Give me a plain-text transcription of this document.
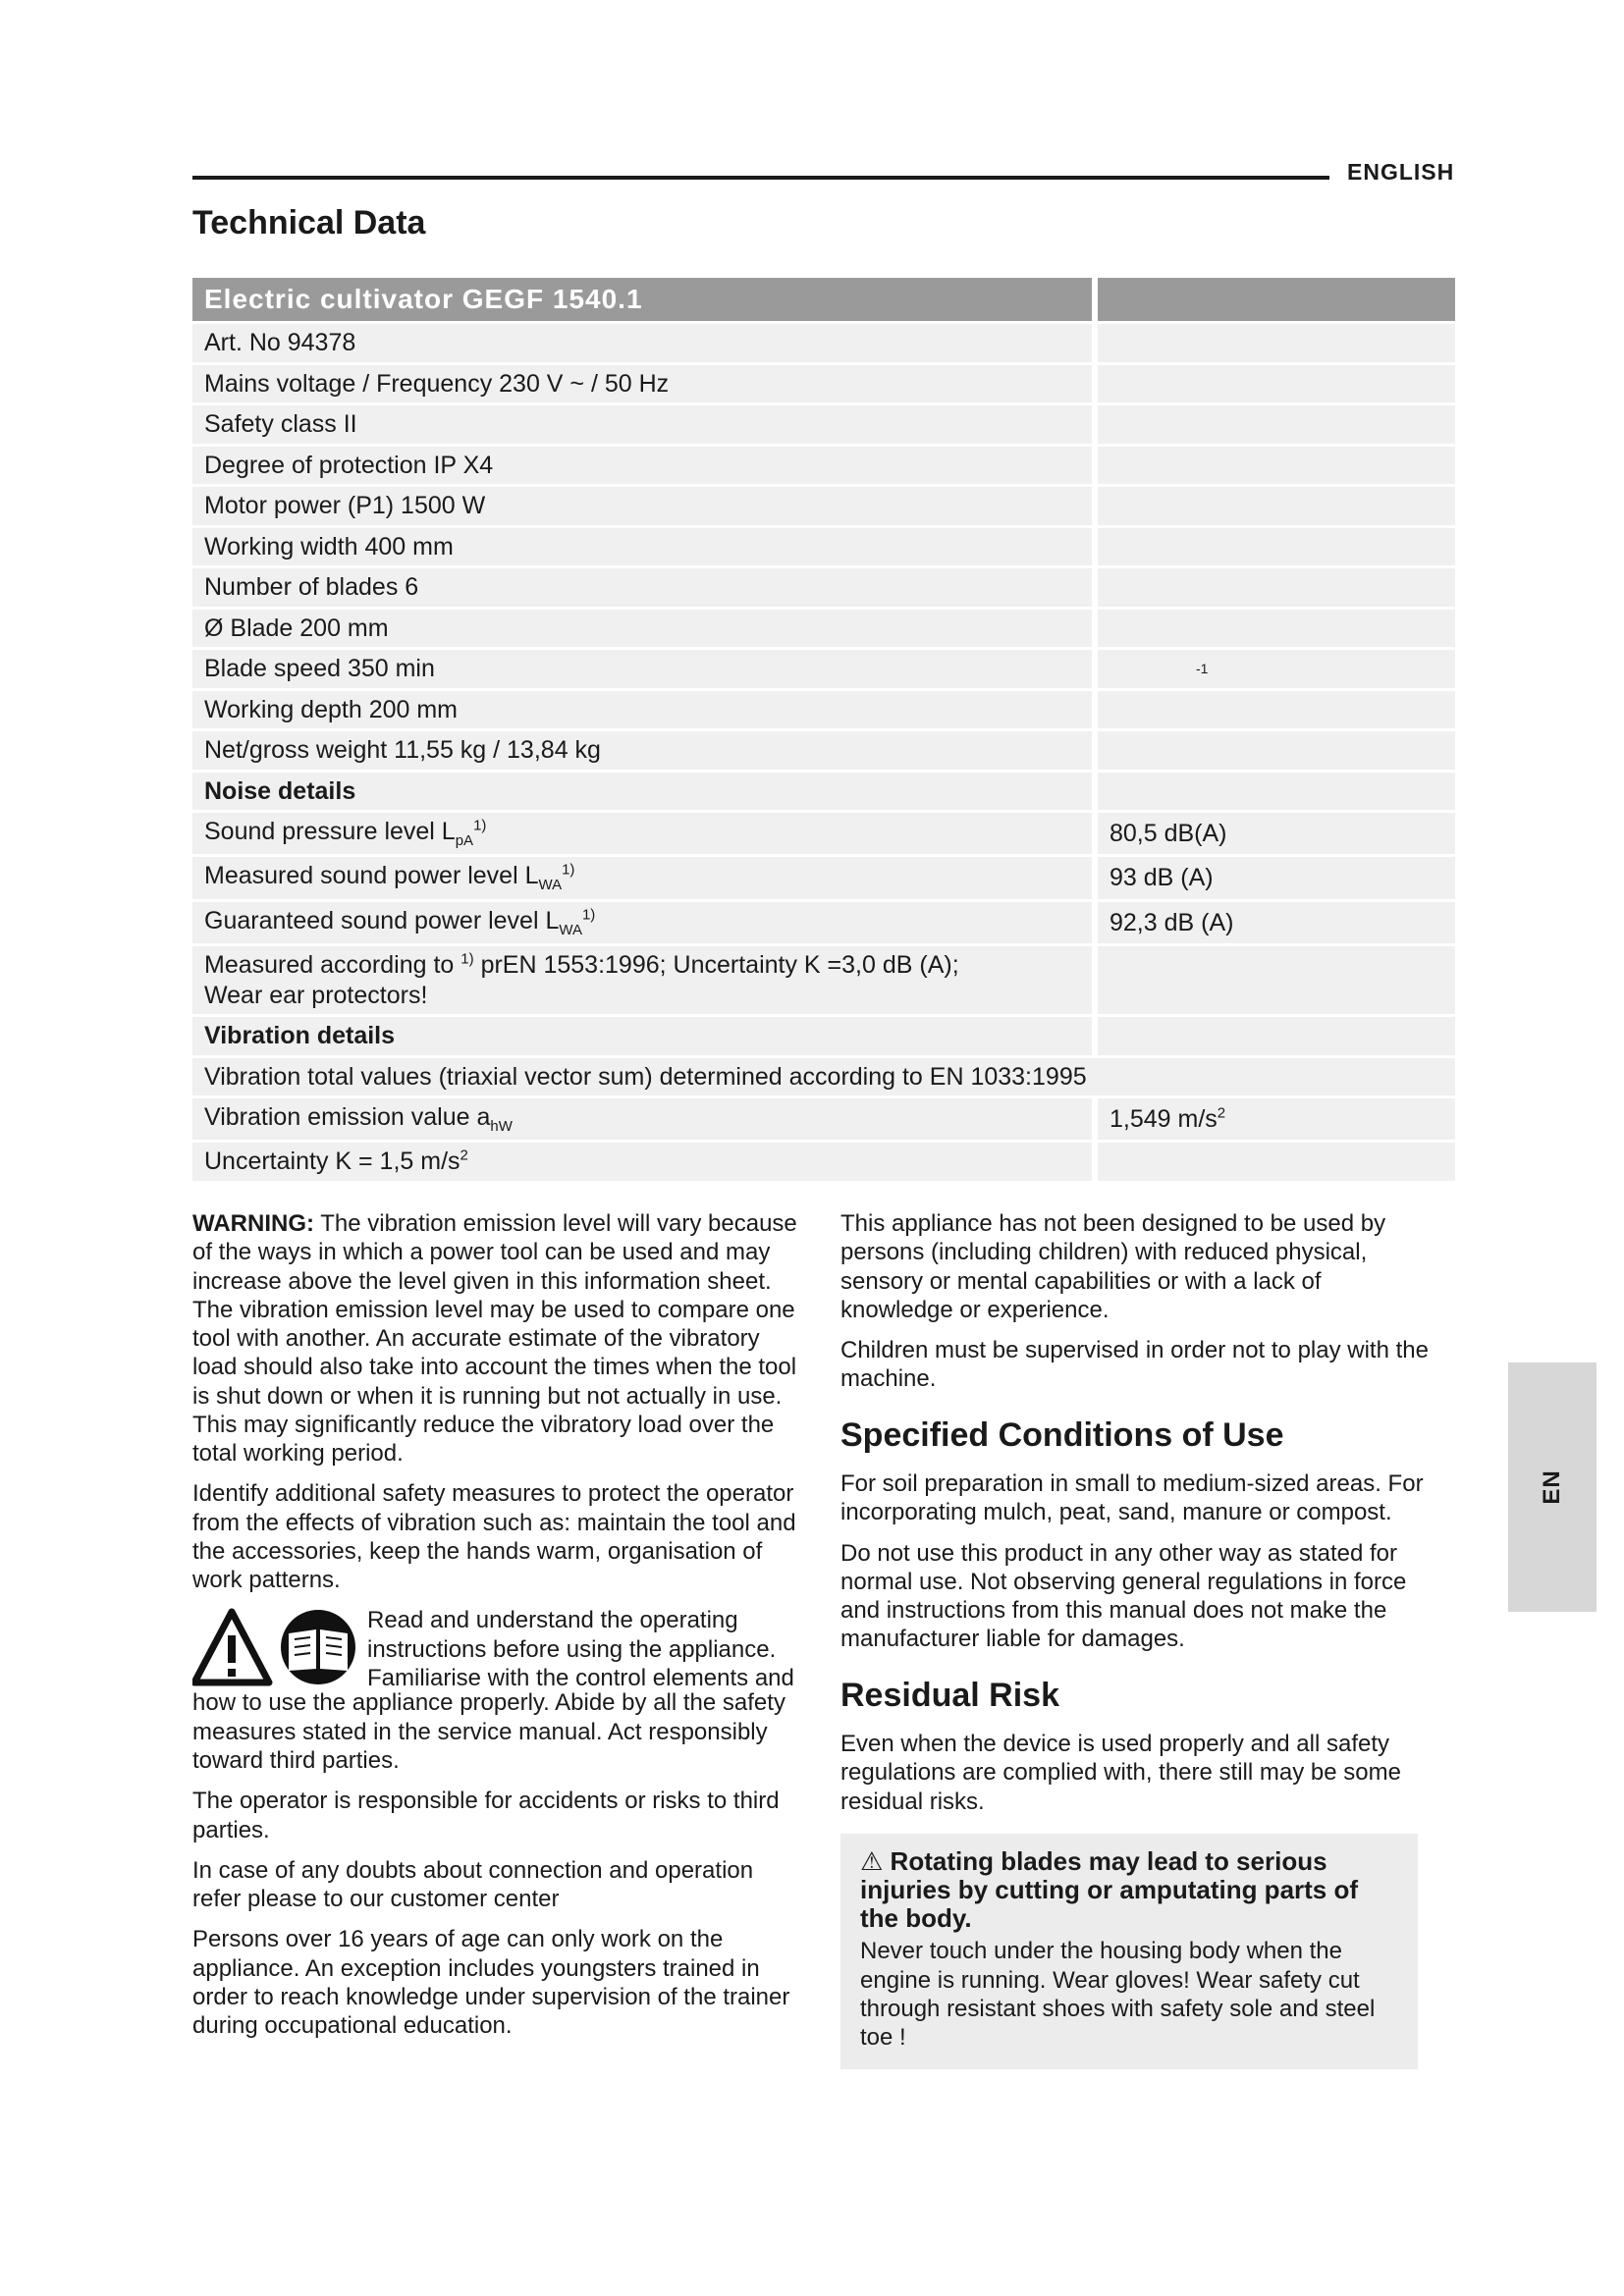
ENGLISH
Technical Data
Electric cultivator GEGF 1540.1	
Art. No 94378	
Mains voltage / Frequency 230 V ~ / 50 Hz	
Safety class II	
Degree of protection IP X4	
Motor power (P1) 1500 W	
Working width 400 mm	
Number of blades 6	
Ø Blade 200 mm	
Blade speed 350 min	-1
Working depth 200 mm	
Net/gross weight 11,55 kg / 13,84 kg	
Noise details	
Sound pressure level $L_{pA}^{1)}$	80,5 dB(A)
Measured sound power level $L_{WA}^{1)}$	93 dB (A)
Guaranteed sound power level $L_{WA}^{1)}$	92,3 dB (A)
Measured according to $^{1)}$ prEN 1553:1996; Uncertainty K =3,0 dB (A);
Wear ear protectors!	
Vibration details	
Vibration total values (triaxial vector sum) determined according to EN 1033:1995	
Vibration emission value $a_{hW}$	1,549 $m/s^2$
Uncertainty K = 1,5 $m/s^2$	

WARNING: The vibration emission level will vary because of the ways in which a power tool can be used and may increase above the level given in this information sheet. The vibration emission level may be used to compare one tool with another. An accurate estimate of the vibratory load should also take into account the times when the tool is shut down or when it is running but not actually in use. This may significantly reduce the vibratory load over the total working period.

Identify additional safety measures to protect the operator from the effects of vibration such as: maintain the tool and the accessories, keep the hands warm, organisation of work patterns.

Read and understand the operating instructions before using the appliance. Familiarise with the control elements and

how to use the appliance properly. Abide by all the safety measures stated in the service manual. Act responsibly toward third parties.

The operator is responsible for accidents or risks to third parties.

In case of any doubts about connection and operation refer please to our customer center

Persons over 16 years of age can only work on the appliance. An exception includes youngsters trained in order to reach knowledge under supervision of the trainer during occupational education.

This appliance has not been designed to be used by persons (including children) with reduced physical, sensory or mental capabilities or with a lack of knowledge or experience.

Children must be supervised in order not to play with the machine.

Specified Conditions of Use

For soil preparation in small to medium-sized areas. For incorporating mulch, peat, sand, manure or compost.

Do not use this product in any other way as stated for normal use. Not observing general regulations in force and instructions from this manual does not make the manufacturer liable for damages.

Residual Risk

Even when the device is used properly and all safety regulations are complied with, there still may be some residual risks.

⚠ Rotating blades may lead to serious injuries by cutting or amputating parts of the body.
Never touch under the housing body when the engine is running. Wear gloves! Wear safety cut through resistant shoes with safety sole and steel toe !
EN
